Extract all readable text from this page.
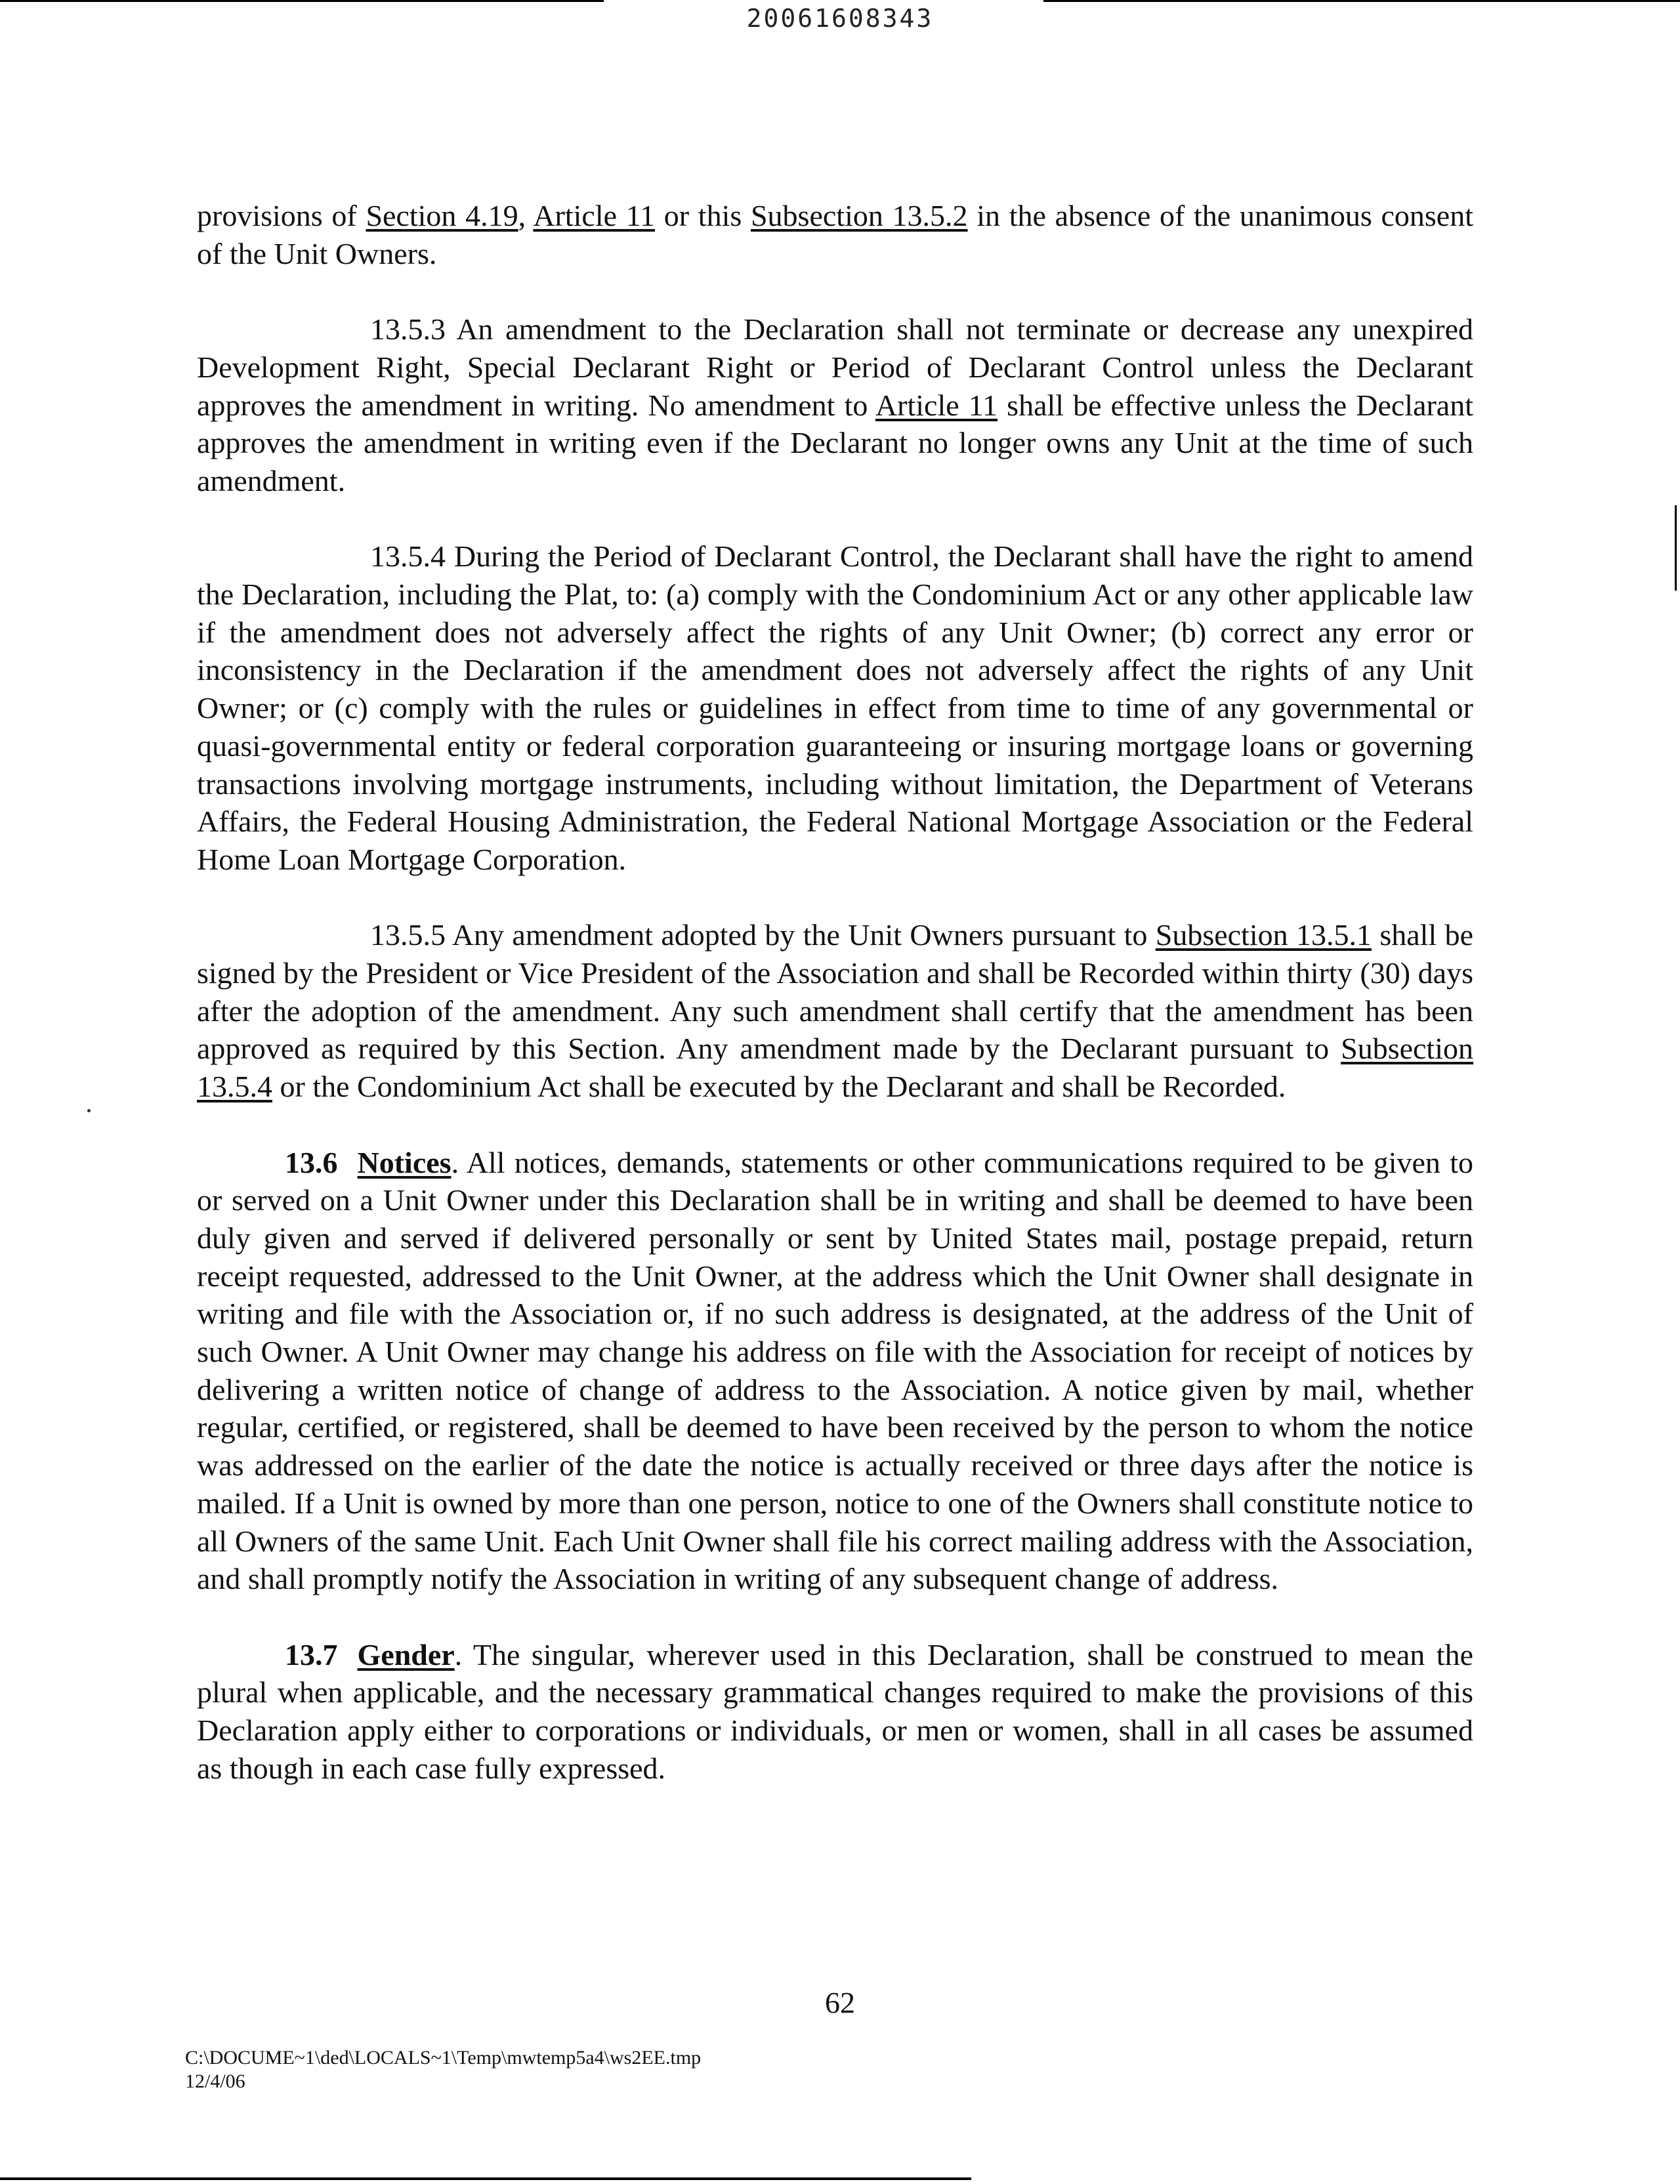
20061608343

provisions of Section 4.19, Article 11 or this Subsection 13.5.2 in the absence of the unanimous consent of the Unit Owners.

13.5.3 An amendment to the Declaration shall not terminate or decrease any unexpired Development Right, Special Declarant Right or Period of Declarant Control unless the Declarant approves the amendment in writing. No amendment to Article 11 shall be effective unless the Declarant approves the amendment in writing even if the Declarant no longer owns any Unit at the time of such amendment.

13.5.4 During the Period of Declarant Control, the Declarant shall have the right to amend the Declaration, including the Plat, to: (a) comply with the Condominium Act or any other applicable law if the amendment does not adversely affect the rights of any Unit Owner; (b) correct any error or inconsistency in the Declaration if the amendment does not adversely affect the rights of any Unit Owner; or (c) comply with the rules or guidelines in effect from time to time of any governmental or quasi-governmental entity or federal corporation guaranteeing or insuring mortgage loans or governing transactions involving mortgage instruments, including without limitation, the Department of Veterans Affairs, the Federal Housing Administration, the Federal National Mortgage Association or the Federal Home Loan Mortgage Corporation.

13.5.5 Any amendment adopted by the Unit Owners pursuant to Subsection 13.5.1 shall be signed by the President or Vice President of the Association and shall be Recorded within thirty (30) days after the adoption of the amendment. Any such amendment shall certify that the amendment has been approved as required by this Section. Any amendment made by the Declarant pursuant to Subsection 13.5.4 or the Condominium Act shall be executed by the Declarant and shall be Recorded.

13.6 Notices. All notices, demands, statements or other communications required to be given to or served on a Unit Owner under this Declaration shall be in writing and shall be deemed to have been duly given and served if delivered personally or sent by United States mail, postage prepaid, return receipt requested, addressed to the Unit Owner, at the address which the Unit Owner shall designate in writing and file with the Association or, if no such address is designated, at the address of the Unit of such Owner. A Unit Owner may change his address on file with the Association for receipt of notices by delivering a written notice of change of address to the Association. A notice given by mail, whether regular, certified, or registered, shall be deemed to have been received by the person to whom the notice was addressed on the earlier of the date the notice is actually received or three days after the notice is mailed. If a Unit is owned by more than one person, notice to one of the Owners shall constitute notice to all Owners of the same Unit. Each Unit Owner shall file his correct mailing address with the Association, and shall promptly notify the Association in writing of any subsequent change of address.

13.7 Gender. The singular, wherever used in this Declaration, shall be construed to mean the plural when applicable, and the necessary grammatical changes required to make the provisions of this Declaration apply either to corporations or individuals, or men or women, shall in all cases be assumed as though in each case fully expressed.

62
C:\DOCUME~1\ded\LOCALS~1\Temp\mwtemp5a4\ws2EE.tmp
12/4/06
